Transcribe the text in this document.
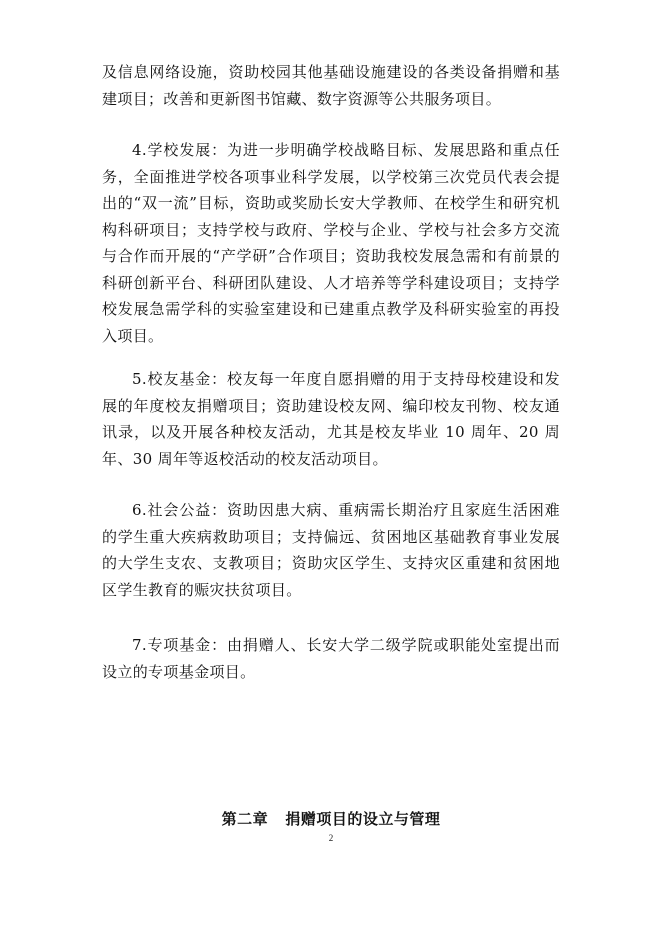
及信息网络设施，资助校园其他基础设施建设的各类设备捐赠和基建项目；改善和更新图书馆藏、数字资源等公共服务项目。

4.学校发展：为进一步明确学校战略目标、发展思路和重点任务，全面推进学校各项事业科学发展，以学校第三次党员代表会提出的“双一流”目标，资助或奖励长安大学教师、在校学生和研究机构科研项目；支持学校与政府、学校与企业、学校与社会多方交流与合作而开展的“产学研”合作项目；资助我校发展急需和有前景的科研创新平台、科研团队建设、人才培养等学科建设项目；支持学校发展急需学科的实验室建设和已建重点教学及科研实验室的再投入项目。

5.校友基金：校友每一年度自愿捐赠的用于支持母校建设和发展的年度校友捐赠项目；资助建设校友网、编印校友刊物、校友通讯录，以及开展各种校友活动，尤其是校友毕业 10 周年、20 周年、30 周年等返校活动的校友活动项目。

6.社会公益：资助因患大病、重病需长期治疗且家庭生活困难的学生重大疾病救助项目；支持偏远、贫困地区基础教育事业发展的大学生支农、支教项目；资助灾区学生、支持灾区重建和贫困地区学生教育的赈灾扶贫项目。

7.专项基金：由捐赠人、长安大学二级学院或职能处室提出而设立的专项基金项目。

第二章   捐赠项目的设立与管理
2
